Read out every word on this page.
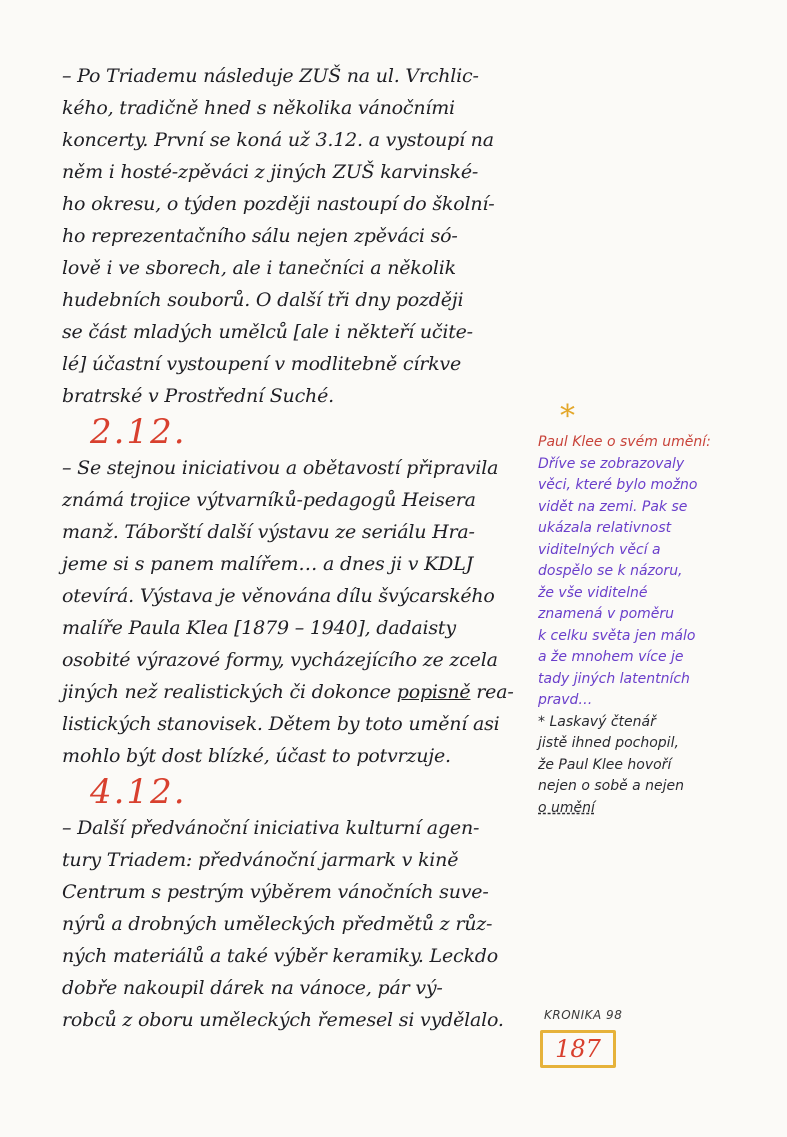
– Po Triademu následuje ZUŠ na ul. Vrchlic-
kého, tradičně hned s několika vánočními
koncerty. První se koná už 3.12. a vystoupí na
něm i hosté-zpěváci z jiných ZUŠ karvinské-
ho okresu, o týden později nastoupí do školní-
ho reprezentačního sálu nejen zpěváci só-
lově i ve sborech, ale i tanečníci a několik
hudebních souborů. O další tři dny později
se část mladých umělců [ale i někteří učite-
lé] účastní vystoupení v modlitebně církve
bratrské v Prostřední Suché.
2.12.
– Se stejnou iniciativou a obětavostí připravila
známá trojice výtvarníků-pedagogů Heisera
manž. Táborští další výstavu ze seriálu Hra-
jeme si s panem malířem… a dnes ji v KDLJ
otevírá. Výstava je věnována dílu švýcarského
malíře Paula Klea [1879 – 1940], dadaisty
osobité výrazové formy, vycházejícího ze zcela
jiných než realistických či dokonce popisně rea-
listických stanovisek. Dětem by toto umění asi
mohlo být dost blízké, účast to potvrzuje.
4.12.
– Další předvánoční iniciativa kulturní agen-
tury Triadem: předvánoční jarmark v kině
Centrum s pestrým výběrem vánočních suve-
nýrů a drobných uměleckých předmětů z růz-
ných materiálů a také výběr keramiky. Leckdo
dobře nakoupil dárek na vánoce, pár vý-
robců z oboru uměleckých řemesel si vydělalo.
*
Paul Klee o svém umění:
Dříve se zobrazovaly
věci, které bylo možno
vidět na zemi. Pak se
ukázala relativnost
viditelných věcí a
dospělo se k názoru,
že vše viditelné
znamená v poměru
k celku světa jen málo
a že mnohem více je
tady jiných latentních
pravd…
* Laskavý čtenář
jistě ihned pochopil,
že Paul Klee hovoří
nejen o sobě a nejen
o umění
KRONIKA 98
187
